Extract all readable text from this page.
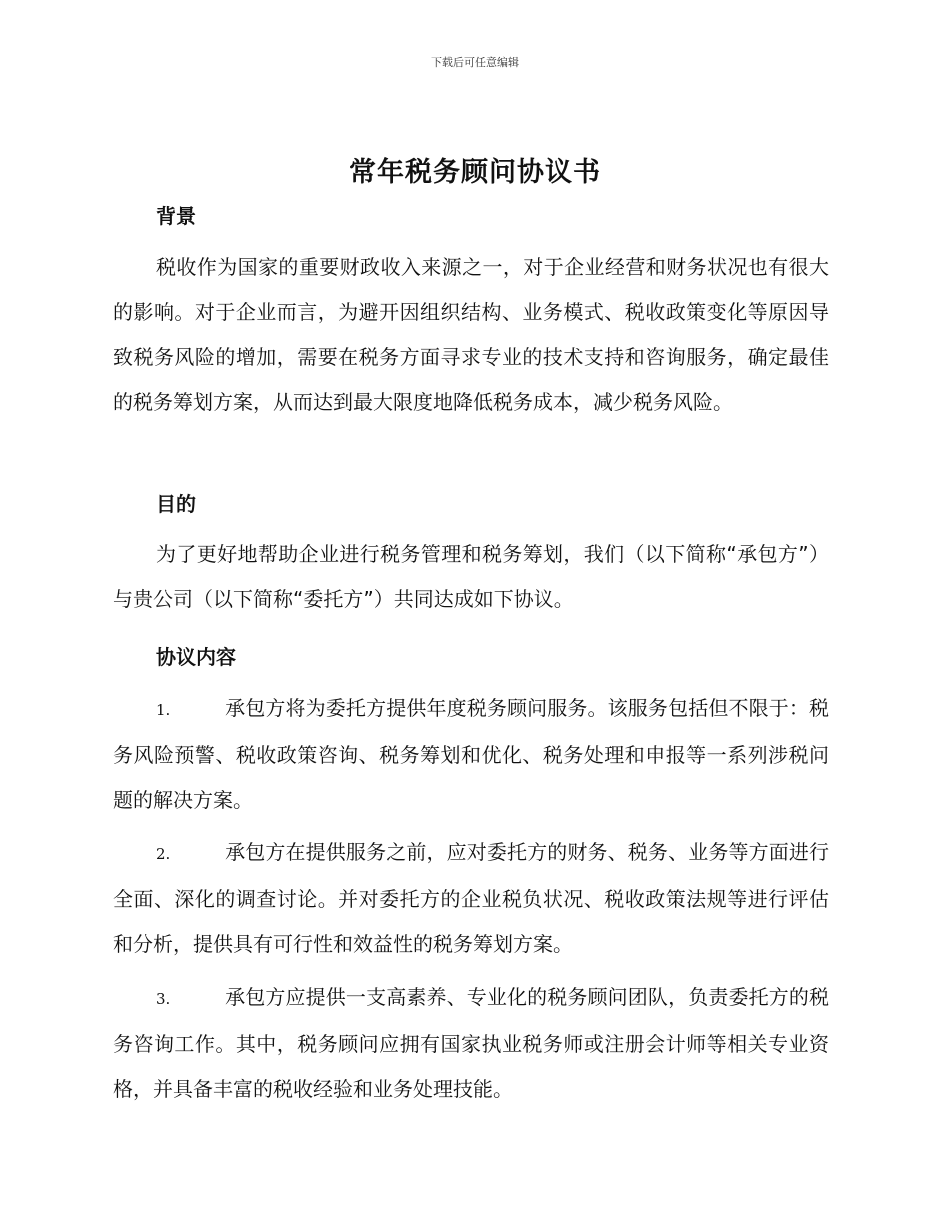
下载后可任意编辑
常年税务顾问协议书
背景
税收作为国家的重要财政收入来源之一，对于企业经营和财务状况也有很大的影响。对于企业而言，为避开因组织结构、业务模式、税收政策变化等原因导致税务风险的增加，需要在税务方面寻求专业的技术支持和咨询服务，确定最佳的税务筹划方案，从而达到最大限度地降低税务成本，减少税务风险。
目的
为了更好地帮助企业进行税务管理和税务筹划，我们（以下简称“承包方”）与贵公司（以下简称“委托方”）共同达成如下协议。
协议内容
1.	承包方将为委托方提供年度税务顾问服务。该服务包括但不限于：税务风险预警、税收政策咨询、税务筹划和优化、税务处理和申报等一系列涉税问题的解决方案。
2.	承包方在提供服务之前，应对委托方的财务、税务、业务等方面进行全面、深化的调查讨论。并对委托方的企业税负状况、税收政策法规等进行评估和分析，提供具有可行性和效益性的税务筹划方案。
3.	承包方应提供一支高素养、专业化的税务顾问团队，负责委托方的税务咨询工作。其中，税务顾问应拥有国家执业税务师或注册会计师等相关专业资格，并具备丰富的税收经验和业务处理技能。
